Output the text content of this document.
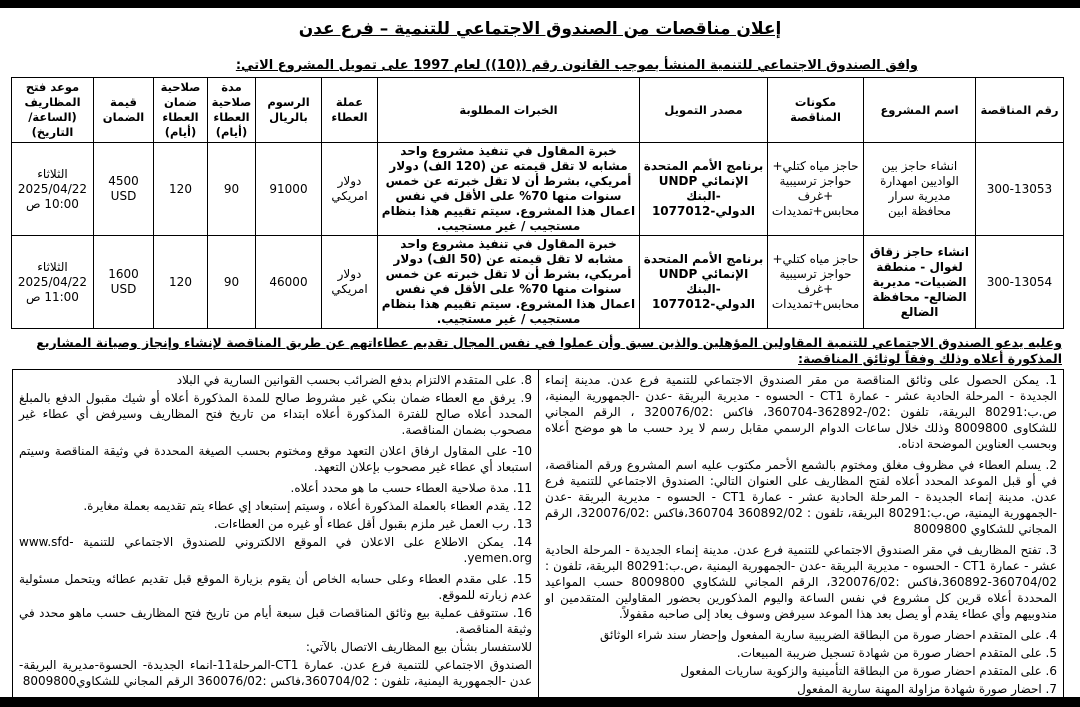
إعلان مناقصات من الصندوق الاجتماعي للتنمية – فرع عدن
وافق الصندوق الاجتماعي للتنمية المنشأ بموجب القانون رقم ((10)) لعام 1997 على تمويل المشروع الاتي:
رقم المناقصة	اسم المشروع	مكونات المناقصة	مصدر التمويل	الخبرات المطلوبة	عملة العطاء	الرسوم بالريال	مدة صلاحية العطاء (أيام)	صلاحية ضمان العطاء (أيام)	قيمة الضمان	موعد فتح المظاريف (الساعة/التاريخ)
300-13053	انشاء حاجز بين الواديين امهدارة مديرية سرار محافظة ابين	حاجز مياه كتلي+ حواجز ترسيبية +غرف محابس+تمديدات	برنامج الأمم المتحدة الإنمائي UNDP -البنك الدولي-1077012	خبرة المقاول في تنفيذ مشروع واحد مشابه لا تقل قيمته عن (120 الف) دولار أمريكي، بشرط أن لا تقل خبرته عن خمس سنوات منها 70% على الأقل في نفس اعمال هذا المشروع. سيتم تقييم هذا بنظام مستجيب / غير مستجيب.	دولار امريكي	91000	90	120	4500 USD	الثلاثاء
2025/04/22
10:00 ص

300-13054	انشاء حاجز زقاق لغوال - منطقة الضبيات- مديرية الضالع- محافظة الضالع	حاجز مياه كتلي+ حواجز ترسيبية +غرف محابس+تمديدات	برنامج الأمم المتحدة الإنمائي UNDP -البنك الدولي-1077012	خبرة المقاول في تنفيذ مشروع واحد مشابه لا تقل قيمته عن (50 الف) دولار أمريكي، بشرط أن لا تقل خبرته عن خمس سنوات منها 70% على الأقل في نفس اعمال هذا المشروع. سيتم تقييم هذا بنظام مستجيب / غير مستجيب.	دولار امريكي	46000	90	120	1600 USD	الثلاثاء
2025/04/22
11:00 ص
وعليه يدعو الصندوق الاجتماعي للتنمية المقاولين المؤهلين والذين سبق وأن عملوا في نفس المجال تقديم عطاءاتهم عن طريق المناقصة لإنشاء وإنجاز وصيانة المشاريع المذكورة أعلاه وذلك وفقاً لوثائق المناقصة:

1. يمكن الحصول على وثائق المناقصة من مقر الصندوق الاجتماعي للتنمية فرع عدن. مدينة إنماء الجديدة - المرحلة الحادية عشر - عمارة CT1 - الحسوه - مديرية البريقة -عدن -الجمهورية اليمنية، ص.ب:80291 البريقة، تلفون :02/-362892-360704، فاكس :320076/02 ، الرقم المجاني للشكاوى 8009800 وذلك خلال ساعات الدوام الرسمي مقابل رسم لا يرد حسب ما هو موضح أعلاه وبحسب العناوين الموضحة ادناه.

2. يسلم العطاء في مظروف مغلق ومختوم بالشمع الأحمر مكتوب عليه اسم المشروع ورقم المناقصة، في أو قبل الموعد المحدد أعلاه لفتح المظاريف على العنوان التالي: الصندوق الاجتماعي للتنمية فرع عدن. مدينة إنماء الجديدة - المرحلة الحادية عشر - عمارة CT1 - الحسوه - مديرية البريقة -عدن -الجمهورية اليمنية، ص.ب:80291 البريقة، تلفون : 360892/02 360704،فاكس :320076/02، الرقم المجاني للشكاوي 8009800

3. تفتح المظاريف في مقر الصندوق الاجتماعي للتنمية فرع عدن. مدينة إنماء الجديدة - المرحلة الحادية عشر - عمارة CT1 - الحسوه - مديرية البريقة -عدن -الجمهورية اليمنية ،ص.ب:80291 البريقة، تلفون : 360704/02-360892،فاكس :320076/02، الرقم المجاني للشكاوي 8009800 حسب المواعيد المحددة أعلاه قرين كل مشروع في نفس الساعة واليوم المذكورين بحضور المقاولين المتقدمين او مندوبيهم وأي عطاء يقدم أو يصل بعد هذا الموعد سيرفض وسوف يعاد إلى صاحبه مقفولاً.

4. على المتقدم احضار صورة من البطاقة الضريبية سارية المفعول وإحضار سند شراء الوثائق

5. على المتقدم احضار صورة من شهادة تسجيل ضريبة المبيعات.

6. على المتقدم احضار صورة من البطاقة التأمينية والزكوية ساريات المفعول

7. احضار صورة شهادة مزاولة المهنة سارية المفعول

8. على المتقدم الالتزام بدفع الضرائب بحسب القوانين السارية في البلاد

9. يرفق مع العطاء ضمان بنكي غير مشروط صالح للمدة المذكورة أعلاه أو شيك مقبول الدفع بالمبلغ المحدد أعلاه صالح للفترة المذكورة أعلاه ابتداء من تاريخ فتح المظاريف وسيرفض أي عطاء غير مصحوب بضمان المناقصة.

10- على المقاول ارفاق اعلان التعهد موقع ومختوم بحسب الصيغة المحددة في وثيقة المناقصة وسيتم استبعاد أي عطاء غير مصحوب بإعلان التعهد.

11. مدة صلاحية العطاء حسب ما هو محدد أعلاه.

12. يقدم العطاء بالعملة المذكورة أعلاه ، وسيتم إستبعاد إي عطاء يتم تقديمه بعملة مغايرة.

13. رب العمل غير ملزم بقبول أقل عطاء أو غيره من العطاءات.

14. يمكن الاطلاع على الاعلان في الموقع الالكتروني للصندوق الاجتماعي للتنمية www.sfd-yemen.org.

15. على مقدم العطاء وعلى حسابه الخاص أن يقوم بزيارة الموقع قبل تقديم عطائه ويتحمل مسئولية عدم زيارته للموقع.

16. ستتوقف عملية بيع وثائق المناقصات قبل سبعة أيام من تاريخ فتح المظاريف حسب ماهو محدد في وثيقة المناقصة.

للاستفسار بشأن بيع المظاريف الاتصال بالآتي:

الصندوق الاجتماعي للتنمية فرع عدن. عمارة CT1-المرحلة11-انماء الجديدة- الحسوة-مديرية البريقة-عدن -الجمهورية اليمنية، تلفون : 360704/02،فاكس :360076/02 الرقم المجاني للشكاوي8009800
